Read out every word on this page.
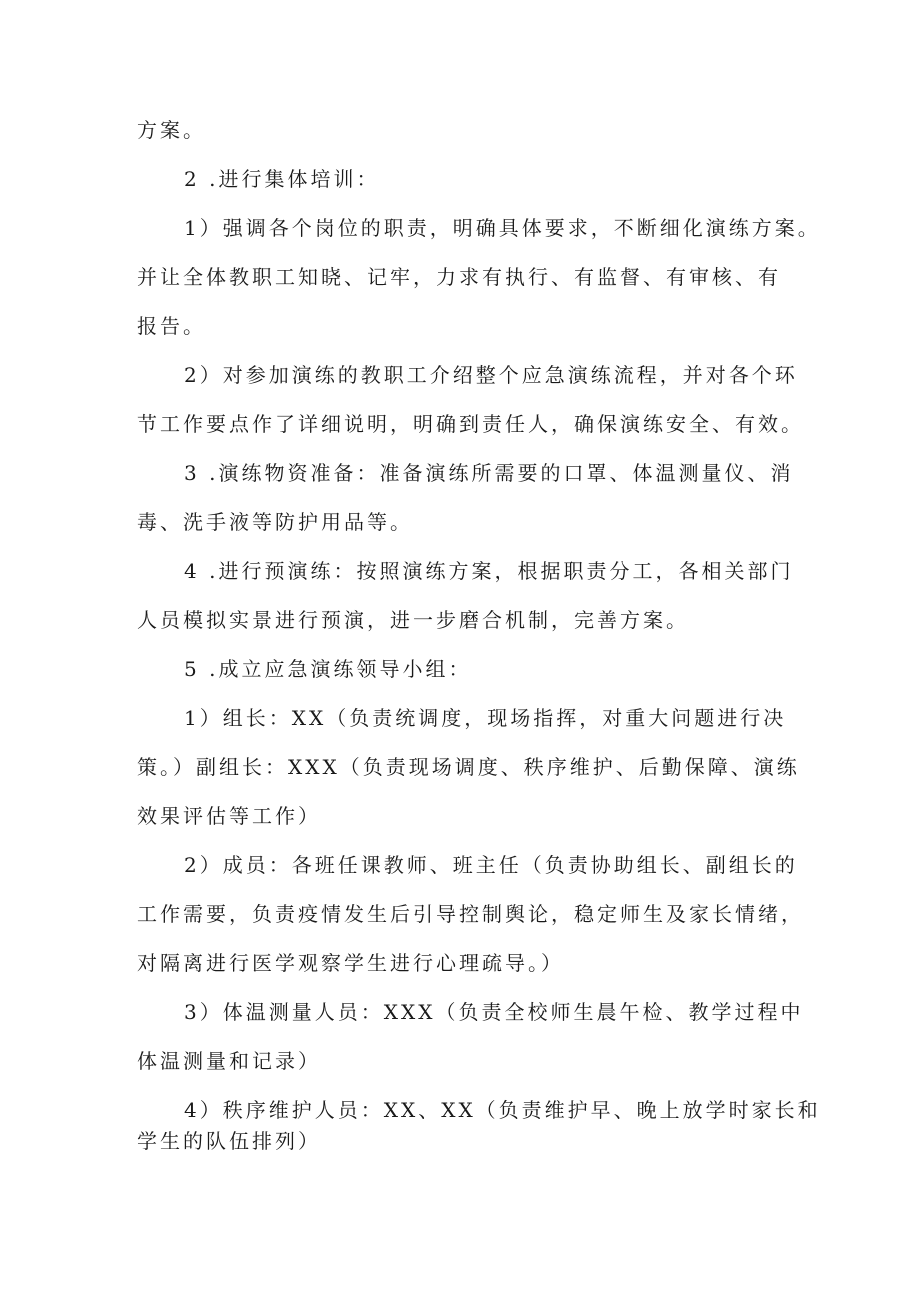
方案。
2 .进行集体培训：
1）强调各个岗位的职责，明确具体要求，不断细化演练方案。
并让全体教职工知晓、记牢，力求有执行、有监督、有审核、有
报告。
2）对参加演练的教职工介绍整个应急演练流程，并对各个环
节工作要点作了详细说明，明确到责任人，确保演练安全、有效。
3 .演练物资准备：准备演练所需要的口罩、体温测量仪、消
毒、洗手液等防护用品等。
4 .进行预演练：按照演练方案，根据职责分工，各相关部门
人员模拟实景进行预演，进一步磨合机制，完善方案。
5 .成立应急演练领导小组：
1）组长：XX（负责统调度，现场指挥，对重大问题进行决
策。）副组长：XXX（负责现场调度、秩序维护、后勤保障、演练
效果评估等工作）
2）成员：各班任课教师、班主任（负责协助组长、副组长的
工作需要，负责疫情发生后引导控制舆论，稳定师生及家长情绪，
对隔离进行医学观察学生进行心理疏导。）
3）体温测量人员：XXX（负责全校师生晨午检、教学过程中
体温测量和记录）
4）秩序维护人员：XX、XX（负责维护早、晚上放学时家长和
学生的队伍排列）
